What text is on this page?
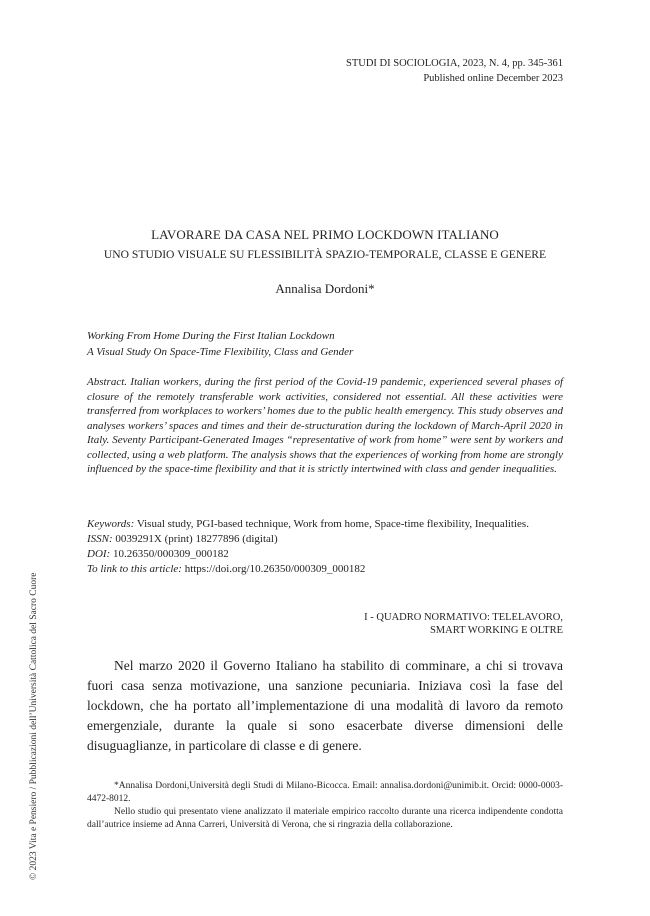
STUDI DI SOCIOLOGIA, 2023, N. 4, pp. 345-361
Published online December 2023
LAVORARE DA CASA NEL PRIMO LOCKDOWN ITALIANO
UNO STUDIO VISUALE SU FLESSIBILITÀ SPAZIO-TEMPORALE, CLASSE E GENERE
Annalisa Dordoni*
Working From Home During the First Italian Lockdown
A Visual Study On Space-Time Flexibility, Class and Gender
Abstract. Italian workers, during the first period of the Covid-19 pandemic, experienced several phases of closure of the remotely transferable work activities, considered not essential. All these activities were transferred from workplaces to workers’ homes due to the public health emergency. This study observes and analyses workers’ spaces and times and their de-structuration during the lockdown of March-April 2020 in Italy. Seventy Participant-Generated Images “representative of work from home” were sent by workers and collected, using a web platform. The analysis shows that the experiences of working from home are strongly influenced by the space-time flexibility and that it is strictly intertwined with class and gender inequalities.
Keywords: Visual study, PGI-based technique, Work from home, Space-time flexibility, Inequalities.
ISSN: 0039291X (print) 18277896 (digital)
DOI: 10.26350/000309_000182
To link to this article: https://doi.org/10.26350/000309_000182
I - QUADRO NORMATIVO: TELELAVORO,
SMART WORKING E OLTRE
Nel marzo 2020 il Governo Italiano ha stabilito di comminare, a chi si trovava fuori casa senza motivazione, una sanzione pecuniaria. Iniziava così la fase del lockdown, che ha portato all’implementazione di una modalità di lavoro da remoto emergenziale, durante la quale si sono esacerbate diverse dimensioni delle disuguaglianze, in particolare di classe e di genere.

*Annalisa Dordoni,Università degli Studi di Milano-Bicocca. Email: annalisa.dordoni@unimib.it. Orcid: 0000-0003-4472-8012.

Nello studio qui presentato viene analizzato il materiale empirico raccolto durante una ricerca indipendente condotta dall’autrice insieme ad Anna Carreri, Università di Verona, che si ringrazia della collaborazione.

© 2023 Vita e Pensiero / Pubblicazioni dell’Università Cattolica del Sacro Cuore
